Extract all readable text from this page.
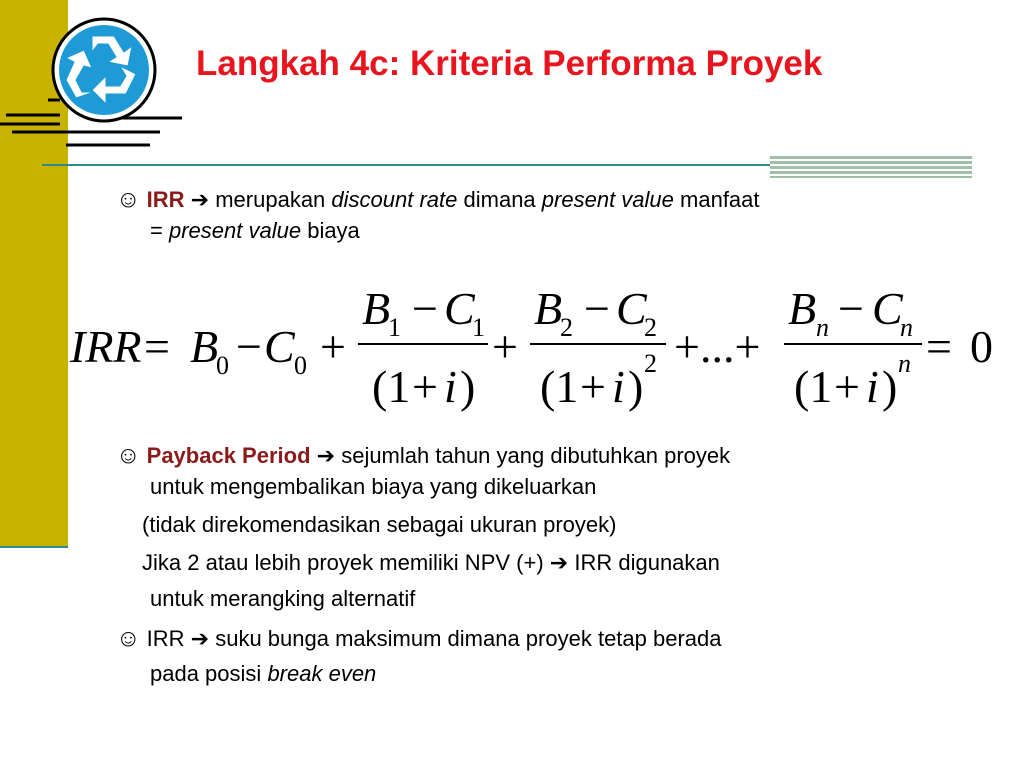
Langkah 4c: Kriteria Performa Proyek
☺ IRR ➔ merupakan discount rate dimana present value manfaat
= present value biaya
IRR B C
B C B C	B C
i	i	i
= − +
−	−	−
+	+...+	= 0
(1 + ) (1 + )	(1 + )
0	0
1	1	2	2
2
n	n
n
☺ Payback Period ➔ sejumlah tahun yang dibutuhkan proyek
untuk mengembalikan biaya yang dikeluarkan
(tidak direkomendasikan sebagai ukuran proyek)
Jika 2 atau lebih proyek memiliki NPV (+) ➔ IRR digunakan
untuk merangking alternatif
☺ IRR ➔ suku bunga maksimum dimana proyek tetap berada
pada posisi break even
